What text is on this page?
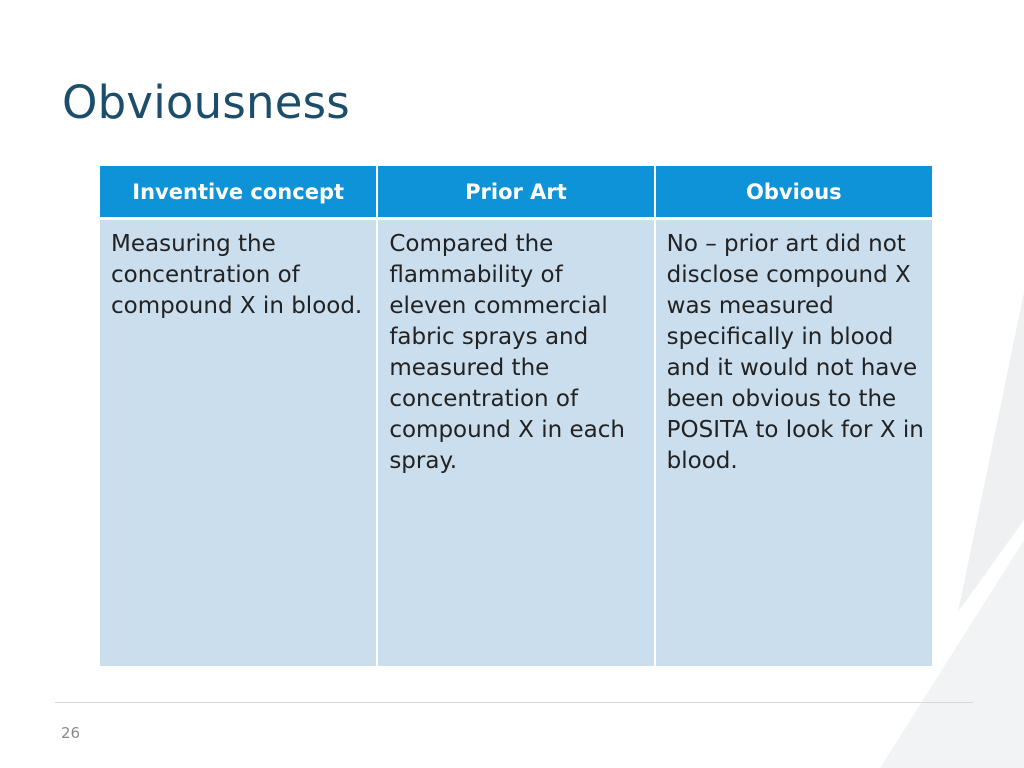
Obviousness
Inventive concept	Prior Art	Obvious
Measuring the concentration of compound X in blood.	Compared the flammability of eleven commercial fabric sprays and measured the concentration of compound X in each spray.	No – prior art did not disclose compound X was measured specifically in blood and it would not have been obvious to the POSITA to look for X in blood.
26
